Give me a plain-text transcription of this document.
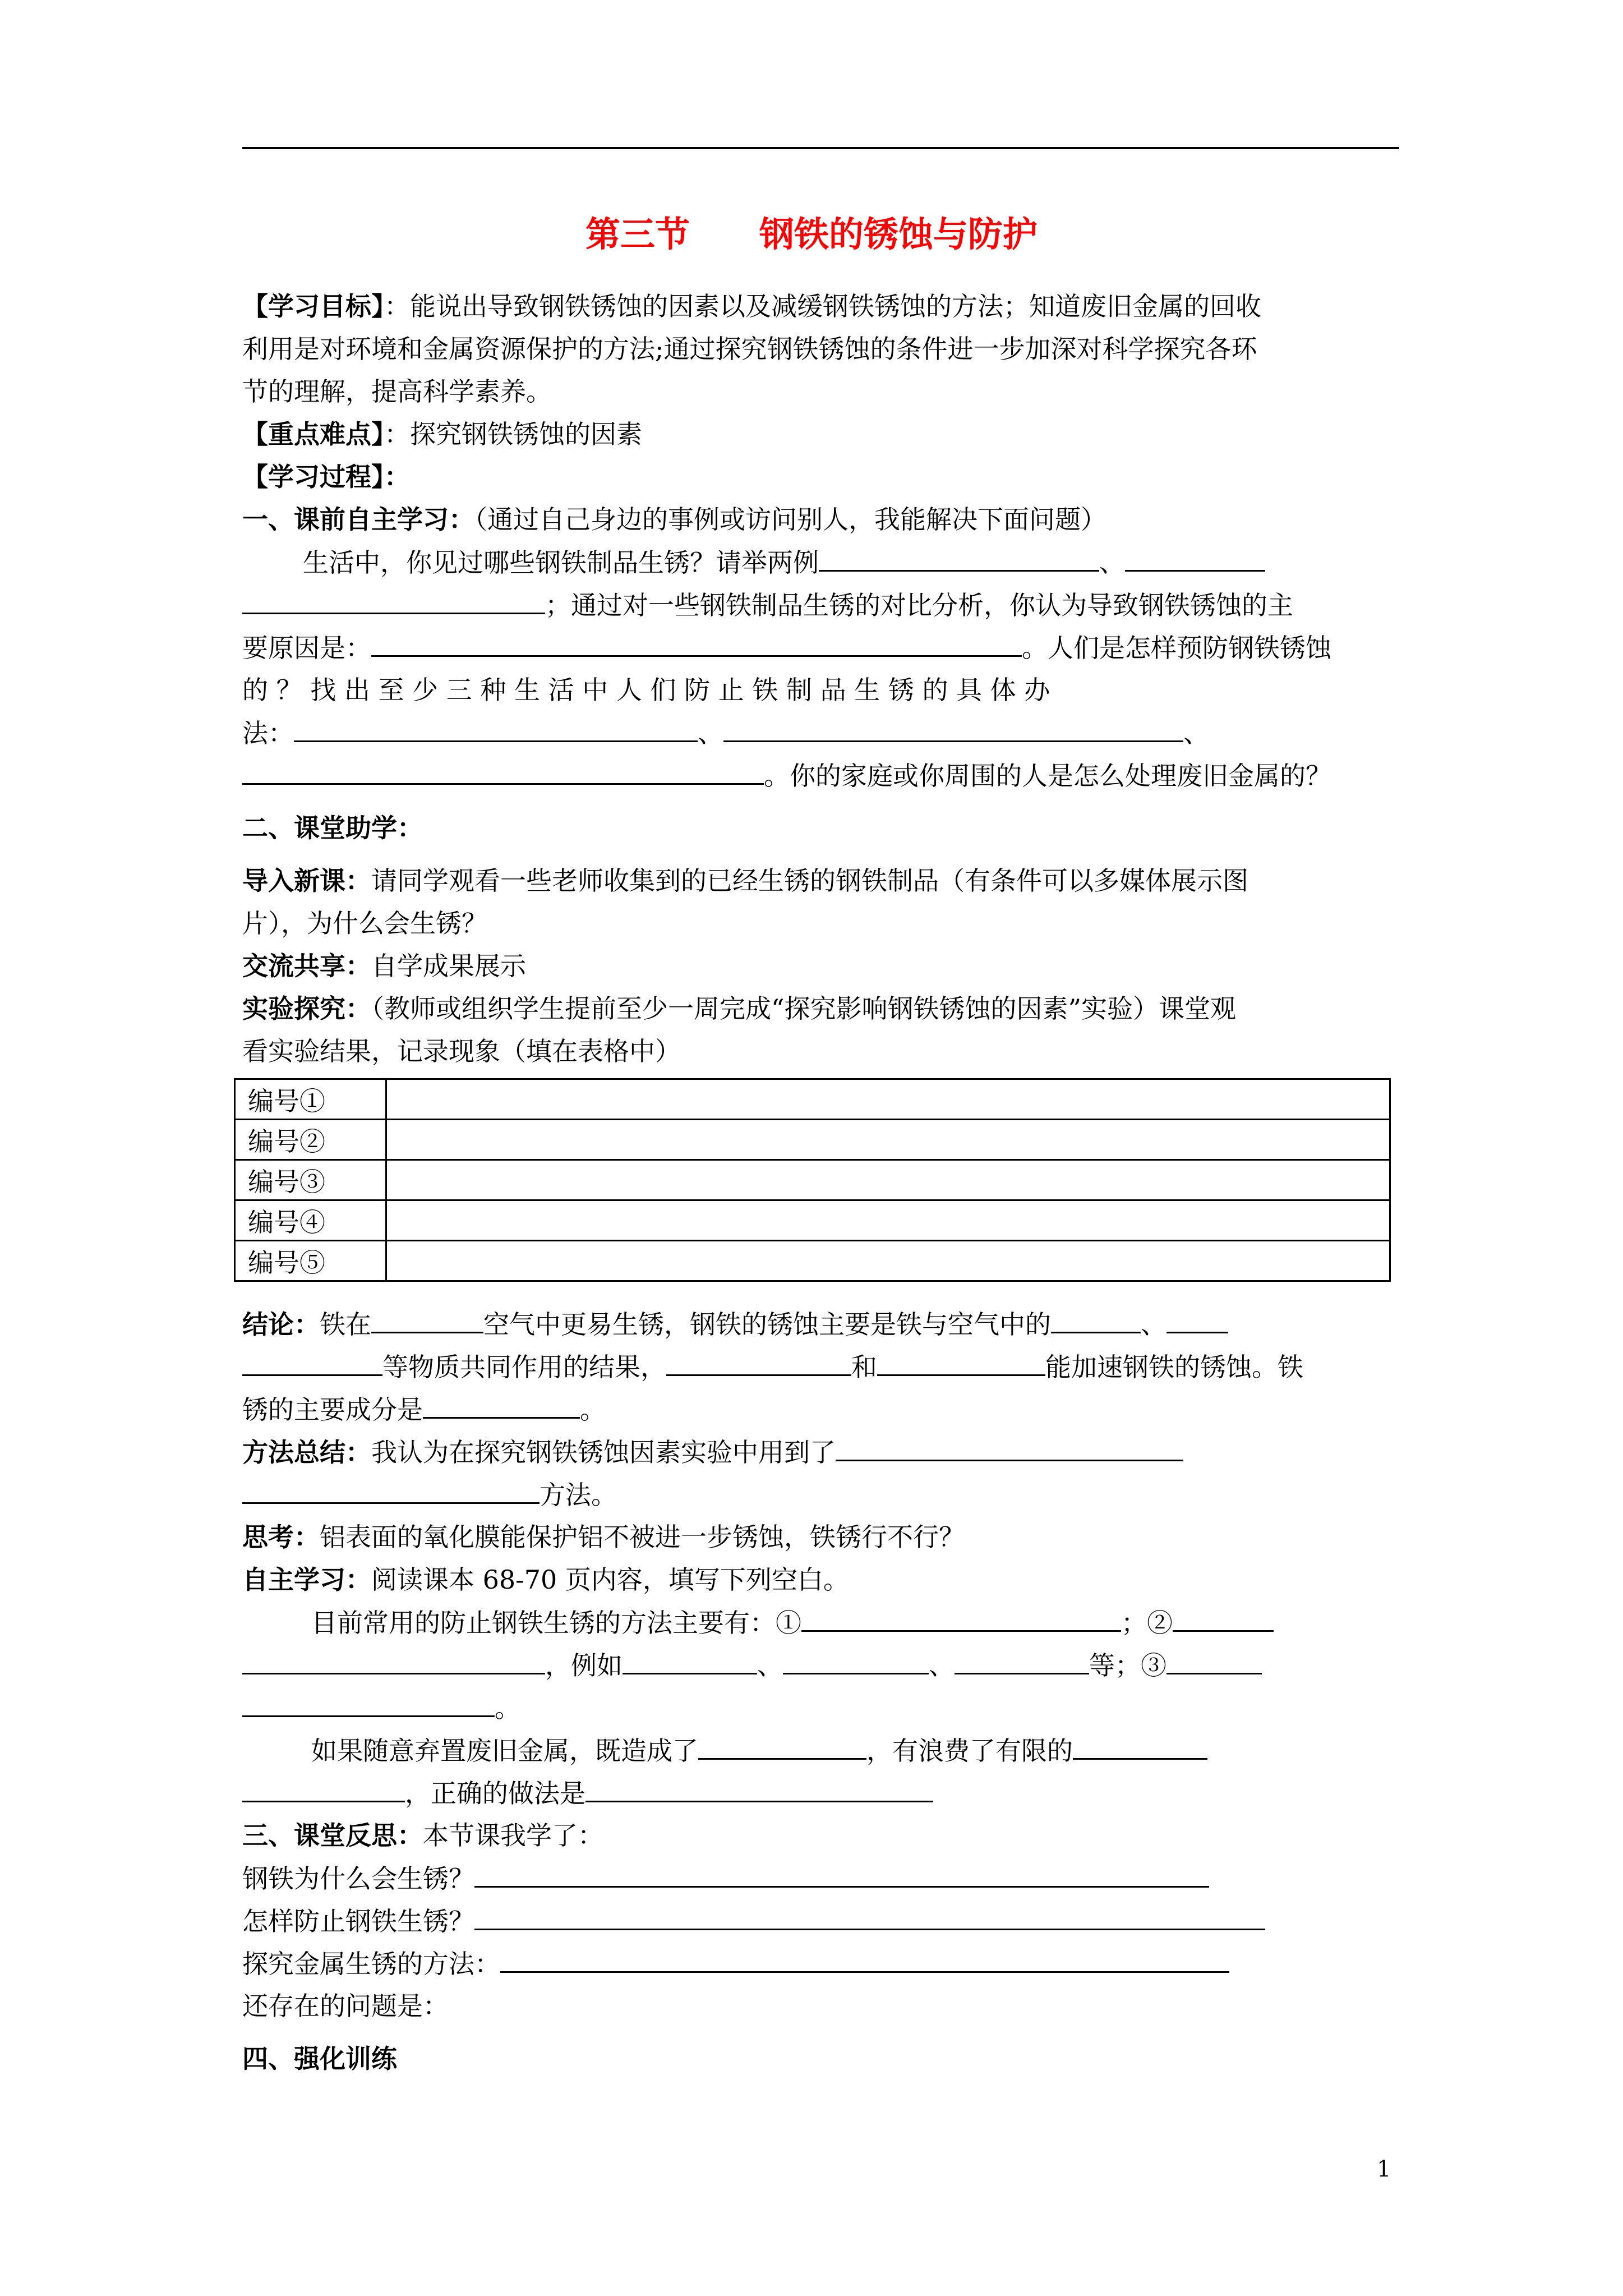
第三节　　钢铁的锈蚀与防护
【学习目标】：能说出导致钢铁锈蚀的因素以及减缓钢铁锈蚀的方法；知道废旧金属的回收
利用是对环境和金属资源保护的方法;通过探究钢铁锈蚀的条件进一步加深对科学探究各环
节的理解，提高科学素养。
【重点难点】：探究钢铁锈蚀的因素
【学习过程】：
一、课前自主学习：（通过自己身边的事例或访问别人，我能解决下面问题）
生活中，你见过哪些钢铁制品生锈？请举两例	、
；通过对一些钢铁制品生锈的对比分析，你认为导致钢铁锈蚀的主
要原因是：	。人们是怎样预防钢铁锈蚀
的 ？ 找 出 至 少 三 种 生 活 中 人 们 防 止 铁 制 品 生 锈 的 具 体 办
法：	、	、
。你的家庭或你周围的人是怎么处理废旧金属的？
二、课堂助学：
导入新课：请同学观看一些老师收集到的已经生锈的钢铁制品（有条件可以多媒体展示图
片），为什么会生锈？
交流共享：自学成果展示
实验探究：（教师或组织学生提前至少一周完成“探究影响钢铁锈蚀的因素”实验）课堂观
看实验结果，记录现象（填在表格中）
编号①	
编号②	
编号③	
编号④	
编号⑤	
结论：铁在	空气中更易生锈，钢铁的锈蚀主要是铁与空气中的	、
等物质共同作用的结果，	和	能加速钢铁的锈蚀。铁
锈的主要成分是	。
方法总结：我认为在探究钢铁锈蚀因素实验中用到了
方法。
思考：铝表面的氧化膜能保护铝不被进一步锈蚀，铁锈行不行？
自主学习：阅读课本 68-70 页内容，填写下列空白。
目前常用的防止钢铁生锈的方法主要有：①	；②
，例如	、	、	等；③
。
如果随意弃置废旧金属，既造成了	，有浪费了有限的
，正确的做法是
三、课堂反思：本节课我学了：
钢铁为什么会生锈？
怎样防止钢铁生锈？
探究金属生锈的方法：
还存在的问题是：
四、强化训练
1
